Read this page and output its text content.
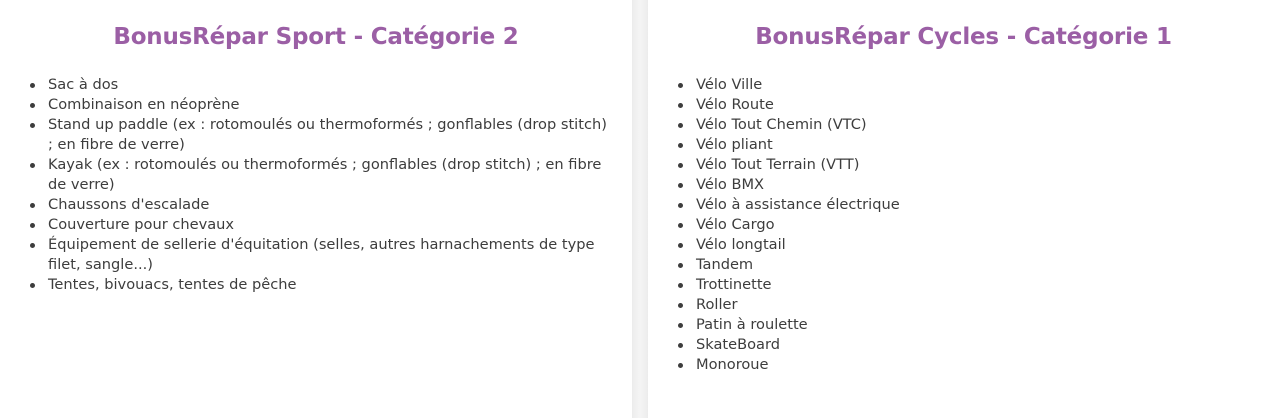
BonusRépar Sport - Catégorie 2
Sac à dos
Combinaison en néoprène
Stand up paddle (ex : rotomoulés ou thermoformés ; gonflables (drop stitch) ; en fibre de verre)
Kayak (ex : rotomoulés ou thermoformés ; gonflables (drop stitch) ; en fibre de verre)
Chaussons d'escalade
Couverture pour chevaux
Équipement de sellerie d'équitation (selles, autres harnachements de type filet, sangle...)
Tentes, bivouacs, tentes de pêche
BonusRépar Cycles - Catégorie 1
Vélo Ville
Vélo Route
Vélo Tout Chemin (VTC)
Vélo pliant
Vélo Tout Terrain (VTT)
Vélo BMX
Vélo à assistance électrique
Vélo Cargo
Vélo longtail
Tandem
Trottinette
Roller
Patin à roulette
SkateBoard
Monoroue
